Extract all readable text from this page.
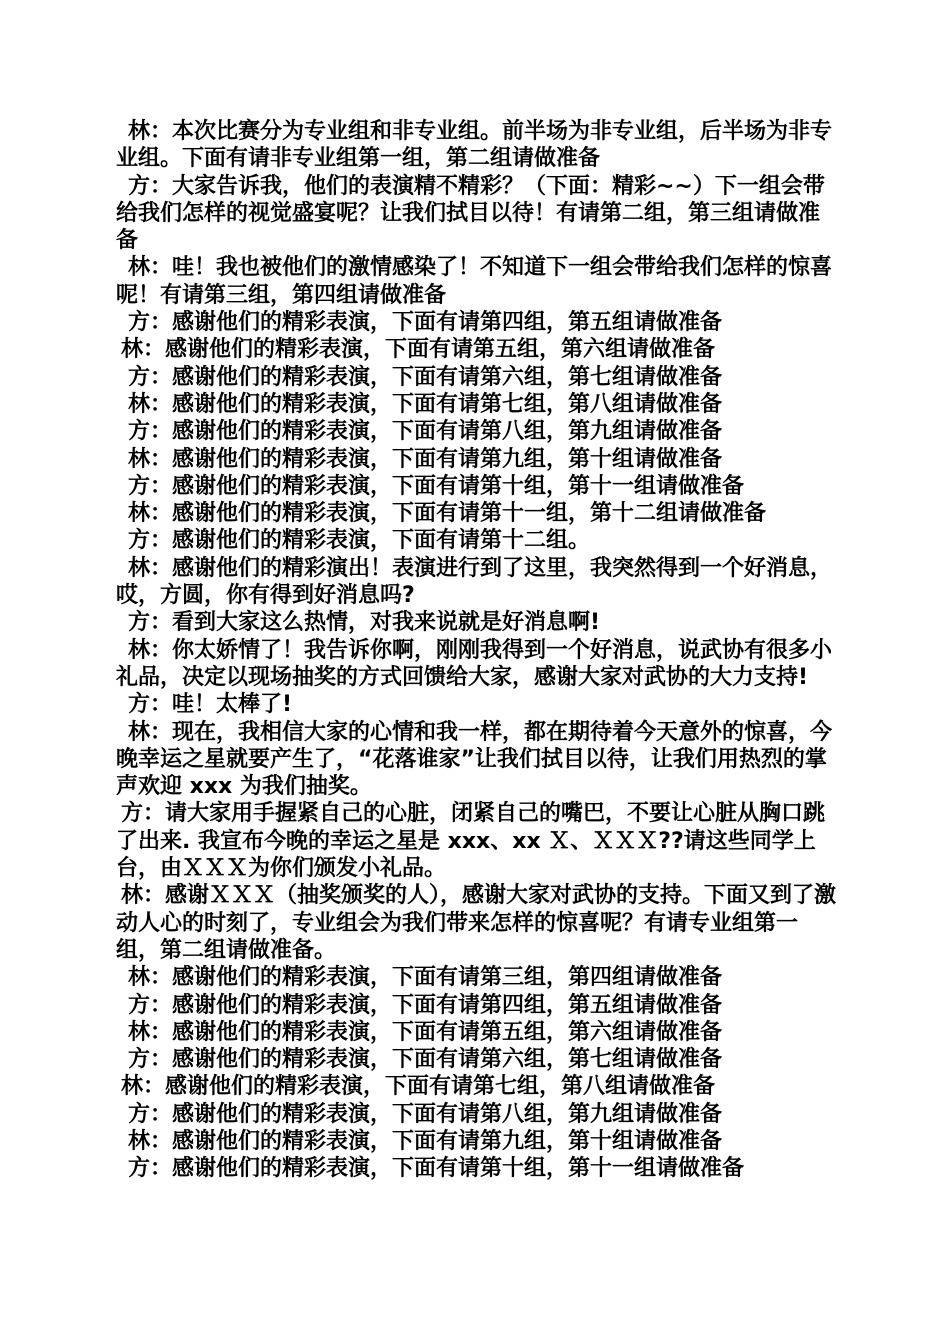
林：本次比赛分为专业组和非专业组。前半场为非专业组，后半场为非专业组。下面有请非专业组第一组，第二组请做准备

方：大家告诉我，他们的表演精不精彩？（下面：精彩~~）下一组会带给我们怎样的视觉盛宴呢？让我们拭目以待！有请第二组，第三组请做准备

林：哇！我也被他们的激情感染了！不知道下一组会带给我们怎样的惊喜呢！有请第三组，第四组请做准备

方：感谢他们的精彩表演，下面有请第四组，第五组请做准备

林：感谢他们的精彩表演，下面有请第五组，第六组请做准备

方：感谢他们的精彩表演，下面有请第六组，第七组请做准备

林：感谢他们的精彩表演，下面有请第七组，第八组请做准备

方：感谢他们的精彩表演，下面有请第八组，第九组请做准备

林：感谢他们的精彩表演，下面有请第九组，第十组请做准备

方：感谢他们的精彩表演，下面有请第十组，第十一组请做准备

林：感谢他们的精彩表演，下面有请第十一组，第十二组请做准备

方：感谢他们的精彩表演，下面有请第十二组。

林：感谢他们的精彩演出！表演进行到了这里，我突然得到一个好消息，哎，方圆，你有得到好消息吗?

方：看到大家这么热情，对我来说就是好消息啊!

林：你太娇情了！我告诉你啊，刚刚我得到一个好消息，说武协有很多小礼品，决定以现场抽奖的方式回馈给大家，感谢大家对武协的大力支持!

方：哇！太棒了!

林：现在，我相信大家的心情和我一样，都在期待着今天意外的惊喜，今晚幸运之星就要产生了，“花落谁家”让我们拭目以待，让我们用热烈的掌声欢迎 xxx 为我们抽奖。

方：请大家用手握紧自己的心脏，闭紧自己的嘴巴，不要让心脏从胸口跳了出来. 我宣布今晚的幸运之星是 xxx、xx Ｘ、ＸＸＸ??请这些同学上台，由ＸＸＸ为你们颁发小礼品。

林：感谢ＸＸＸ（抽奖颁奖的人），感谢大家对武协的支持。下面又到了激动人心的时刻了，专业组会为我们带来怎样的惊喜呢？有请专业组第一组，第二组请做准备。

林：感谢他们的精彩表演，下面有请第三组，第四组请做准备

方：感谢他们的精彩表演，下面有请第四组，第五组请做准备

林：感谢他们的精彩表演，下面有请第五组，第六组请做准备

方：感谢他们的精彩表演，下面有请第六组，第七组请做准备

林：感谢他们的精彩表演，下面有请第七组，第八组请做准备

方：感谢他们的精彩表演，下面有请第八组，第九组请做准备

林：感谢他们的精彩表演，下面有请第九组，第十组请做准备

方：感谢他们的精彩表演，下面有请第十组，第十一组请做准备
